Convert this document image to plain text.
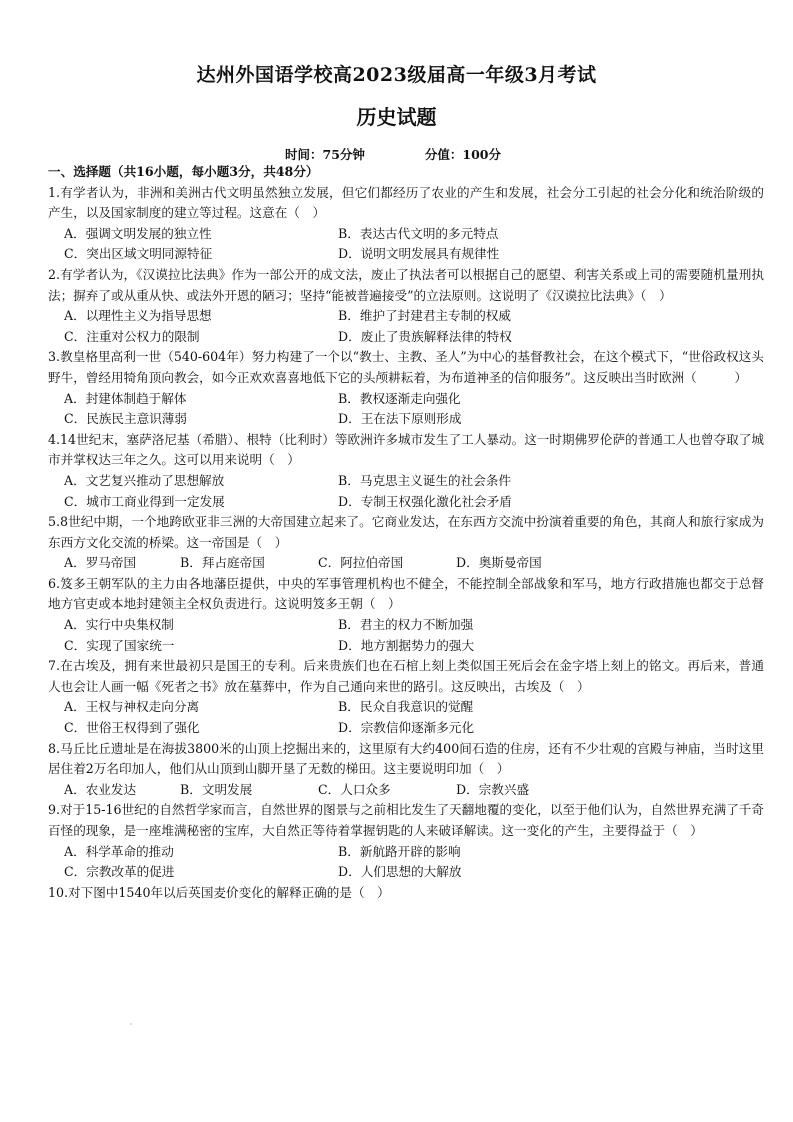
达州外国语学校高2023级届高一年级3月考试
历史试题
时间：75分钟	分值：100分

一、选择题（共16小题，每小题3分，共48分）

1.有学者认为，非洲和美洲古代文明虽然独立发展，但它们都经历了农业的产生和发展，社会分工引起的社会分化和统治阶级的产生，以及国家制度的建立等过程。这意在（　）

A．强调文明发展的独立性	B．表达古代文明的多元特点
C．突出区域文明同源特征	D．说明文明发展具有规律性

2.有学者认为，《汉谟拉比法典》作为一部公开的成文法，废止了执法者可以根据自己的愿望、利害关系或上司的需要随机量刑执法；摒弃了或从重从快、或法外开恩的陋习；坚持“能被普遍接受”的立法原则。这说明了《汉谟拉比法典》（　）

A．以理性主义为指导思想	B．维护了封建君主专制的权威
C．注重对公权力的限制	D．废止了贵族解释法律的特权

3.教皇格里高利一世（540-604年）努力构建了一个以“教士、主教、圣人”为中心的基督教社会，在这个模式下，“世俗政权这头野牛，曾经用犄角顶向教会，如今正欢欢喜喜地低下它的头颅耕耘着，为布道神圣的信仰服务”。这反映出当时欧洲（　　　）

A．封建体制趋于解体	B．教权逐渐走向强化
C．民族民主意识薄弱	D．王在法下原则形成

4.14世纪末，塞萨洛尼基（希腊）、根特（比利时）等欧洲许多城市发生了工人暴动。这一时期佛罗伦萨的普通工人也曾夺取了城市并掌权达三年之久。这可以用来说明（　）

A．文艺复兴推动了思想解放	B．马克思主义诞生的社会条件
C．城市工商业得到一定发展	D．专制王权强化激化社会矛盾

5.8世纪中期，一个地跨欧亚非三洲的大帝国建立起来了。它商业发达，在东西方交流中扮演着重要的角色，其商人和旅行家成为东西方文化交流的桥梁。这一帝国是（　）

A．罗马帝国	B．拜占庭帝国	C．阿拉伯帝国	D．奥斯曼帝国

6.笈多王朝军队的主力由各地藩臣提供，中央的军事管理机构也不健全，不能控制全部战象和军马，地方行政措施也都交于总督地方官吏或本地封建领主全权负责进行。这说明笈多王朝（　）

A．实行中央集权制	B．君主的权力不断加强
C．实现了国家统一	D．地方割据势力的强大

7.在古埃及，拥有来世最初只是国王的专利。后来贵族们也在石棺上刻上类似国王死后会在金字塔上刻上的铭文。再后来，普通人也会让人画一幅《死者之书》放在墓葬中，作为自己通向来世的路引。这反映出，古埃及（　）

A．王权与神权走向分离	B．民众自我意识的觉醒
C．世俗王权得到了强化	D．宗教信仰逐渐多元化

8.马丘比丘遗址是在海拔3800米的山顶上挖掘出来的，这里原有大约400间石造的住房，还有不少壮观的宫殿与神庙，当时这里居住着2万名印加人，他们从山顶到山脚开垦了无数的梯田。这主要说明印加（　）

A．农业发达	B．文明发展	C．人口众多	D．宗教兴盛

9.对于15-16世纪的自然哲学家而言，自然世界的图景与之前相比发生了天翻地覆的变化，以至于他们认为，自然世界充满了千奇百怪的现象，是一座堆满秘密的宝库，大自然正等待着掌握钥匙的人来破译解读。这一变化的产生，主要得益于（　）

A．科学革命的推动	B．新航路开辟的影响
C．宗教改革的促进	D．人们思想的大解放

10.对下图中1540年以后英国麦价变化的解释正确的是（　）
